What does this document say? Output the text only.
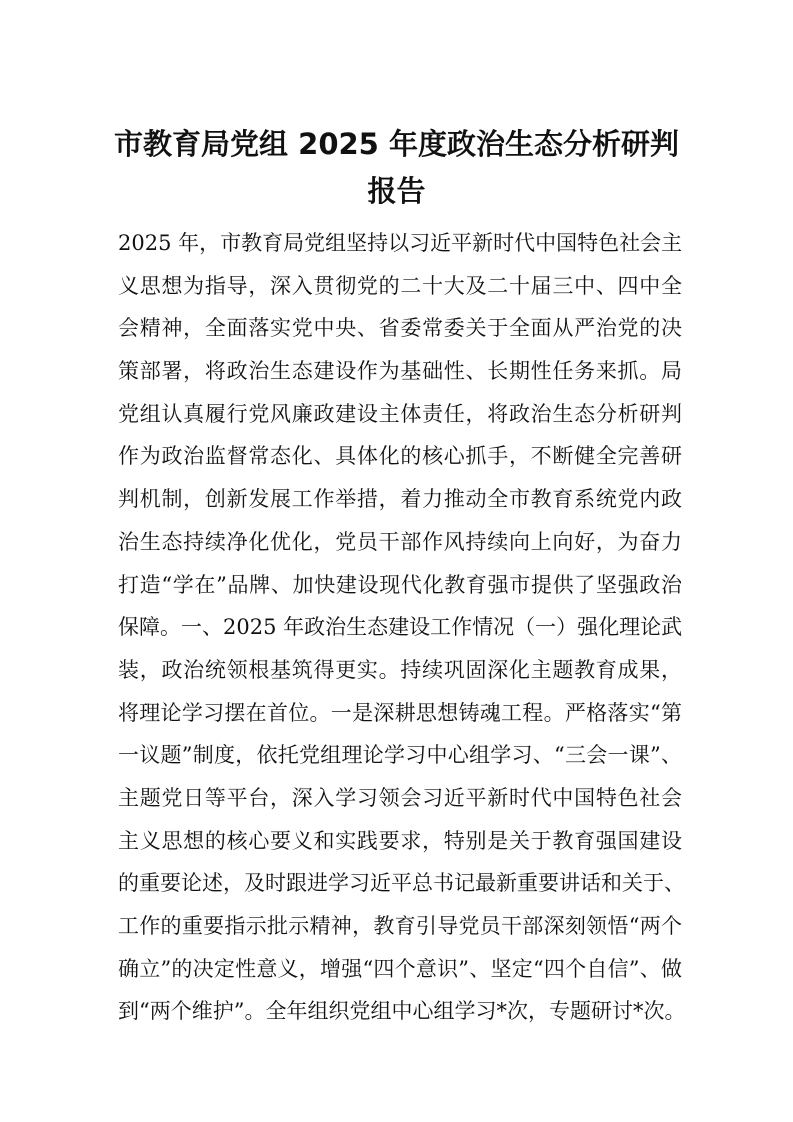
市教育局党组 2025 年度政治生态分析研判
报告
2025 年，市教育局党组坚持以习近平新时代中国特色社会主
义思想为指导，深入贯彻党的二十大及二十届三中、四中全
会精神，全面落实党中央、省委常委关于全面从严治党的决
策部署，将政治生态建设作为基础性、长期性任务来抓。局
党组认真履行党风廉政建设主体责任，将政治生态分析研判
作为政治监督常态化、具体化的核心抓手，不断健全完善研
判机制，创新发展工作举措，着力推动全市教育系统党内政
治生态持续净化优化，党员干部作风持续向上向好，为奋力
打造“学在”品牌、加快建设现代化教育强市提供了坚强政治
保障。一、2025 年政治生态建设工作情况（一）强化理论武
装，政治统领根基筑得更实。持续巩固深化主题教育成果，
将理论学习摆在首位。一是深耕思想铸魂工程。严格落实“第
一议题”制度，依托党组理论学习中心组学习、“三会一课”、
主题党日等平台，深入学习领会习近平新时代中国特色社会
主义思想的核心要义和实践要求，特别是关于教育强国建设
的重要论述，及时跟进学习近平总书记最新重要讲话和关于、
工作的重要指示批示精神，教育引导党员干部深刻领悟“两个
确立”的决定性意义，增强“四个意识”、坚定“四个自信”、做
到“两个维护”。全年组织党组中心组学习*次，专题研讨*次。
